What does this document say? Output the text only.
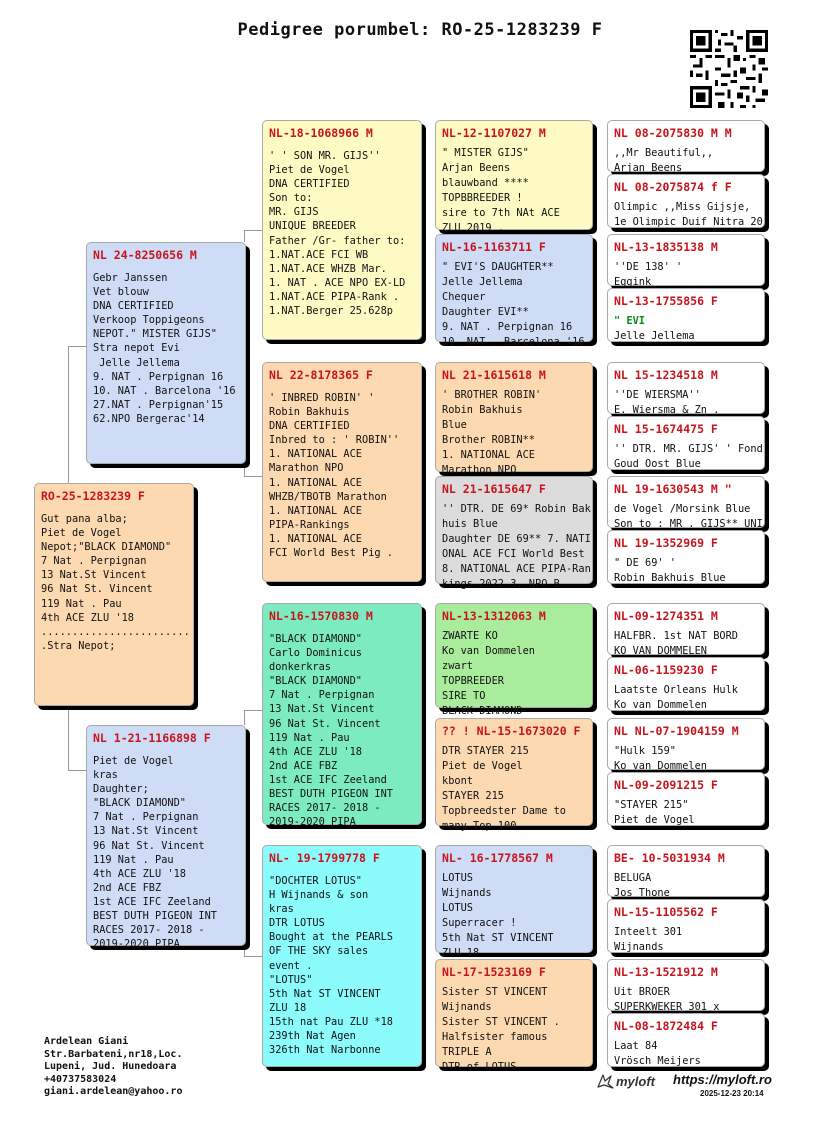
Pedigree porumbel: RO-25-1283239 F
RO-25-1283239 F
Gut pana alba;
Piet de Vogel
Nepot;"BLACK DIAMOND"
7 Nat . Perpignan
13 Nat.St Vincent
96 Nat St. Vincent
119 Nat . Pau
4th ACE ZLU '18
........................
.Stra Nepot;
NL 24-8250656 M
Gebr Janssen
Vet blouw
DNA CERTIFIED
Verkoop Toppigeons
NEPOT." MISTER GIJS"
Stra nepot Evi
Jelle Jellema
9. NAT . Perpignan 16
10. NAT . Barcelona '16
27.NAT . Perpignan'15
62.NPO Bergerac'14
NL 1-21-1166898 F
Piet de Vogel
kras
Daughter;
"BLACK DIAMOND"
7 Nat . Perpignan
13 Nat.St Vincent
96 Nat St. Vincent
119 Nat . Pau
4th ACE ZLU '18
2nd ACE FBZ
1st ACE IFC Zeeland
BEST DUTH PIGEON INT
RACES 2017- 2018 -
2019-2020 PIPA
NL-18-1068966 M
' ' SON MR. GIJS''
Piet de Vogel
DNA CERTIFIED
Son to:
MR. GIJS
UNIQUE BREEDER
Father /Gr- father to:
1.NAT.ACE FCI WB
1.NAT.ACE WHZB Mar.
1. NAT . ACE NPO EX-LD
1.NAT.ACE PIPA-Rank .
1.NAT.Berger 25.628p
NL 22-8178365 F
' INBRED ROBIN' '
Robin Bakhuis
DNA CERTIFIED
Inbred to : ' ROBIN''
1. NATIONAL ACE
Marathon NPO
1. NATIONAL ACE
WHZB/TBOTB Marathon
1. NATIONAL ACE
PIPA-Rankings
1. NATIONAL ACE
FCI World Best Pig .
NL-16-1570830 M
"BLACK DIAMOND"
Carlo Dominicus
donkerkras
"BLACK DIAMOND"
7 Nat . Perpignan
13 Nat.St Vincent
96 Nat St. Vincent
119 Nat . Pau
4th ACE ZLU '18
2nd ACE FBZ
1st ACE IFC Zeeland
BEST DUTH PIGEON INT
RACES 2017- 2018 -
2019-2020 PIPA
NL- 19-1799778 F
"DOCHTER LOTUS"
H Wijnands & son
kras
DTR LOTUS
Bought at the PEARLS
OF THE SKY sales
event .
"LOTUS"
5th Nat ST VINCENT
ZLU 18
15th nat Pau ZLU *18
239th Nat Agen
326th Nat Narbonne
NL-12-1107027 M
" MISTER GIJS"
Arjan Beens
blauwband ****
TOPBBREEDER !
sire to 7th NAt ACE
ZLU 2019 .
NL-16-1163711 F
" EVI'S DAUGHTER**
Jelle Jellema
Chequer
Daughter EVI**
9. NAT . Perpignan 16
10. NAT . Barcelona '16
NL 21-1615618 M
' BROTHER ROBIN'
Robin Bakhuis
Blue
Brother ROBIN**
1. NATIONAL ACE
Marathon NPO
NL 21-1615647 F
'' DTR. DE 69* Robin Bak
huis Blue
Daughter DE 69** 7. NATI
ONAL ACE FCI World Best
8. NATIONAL ACE PIPA-Ran
kings 2022 3. NPO B
NL-13-1312063 M
ZWARTE KO
Ko van Dommelen
zwart
TOPBREEDER
SIRE TO
BLACK DIAMOND
?? ! NL-15-1673020 F
DTR STAYER 215
Piet de Vogel
kbont
STAYER 215
Topbreedster Dame to
many Top 100
NL- 16-1778567 M
LOTUS
Wijnands
LOTUS
Superracer !
5th Nat ST VINCENT
ZLU 18
NL-17-1523169 F
Sister ST VINCENT
Wijnands
Sister ST VINCENT .
Halfsister famous
TRIPLE A
DTR of LOTUS
NL 08-2075830 M M
,,Mr Beautiful,,
Arjan Beens
NL 08-2075874 f F
Olimpic ,,Miss Gijsje,
1e Olimpic Duif Nitra 20
NL-13-1835138 M
''DE 138' '
Eggink
NL-13-1755856 F
" EVI
Jelle Jellema
NL 15-1234518 M
''DE WIERSMA''
E. Wiersma & Zn .
NL 15-1674475 F
'' DTR. MR. GIJS' ' Fond
Goud Oost Blue
NL 19-1630543 M "
de Vogel /Morsink Blue
Son to : MR . GIJS** UNI
NL 19-1352969 F
" DE 69' '
Robin Bakhuis Blue
NL-09-1274351 M
HALFBR. 1st NAT BORD
KO VAN DOMMELEN
NL-06-1159230 F
Laatste Orleans Hulk
Ko van Dommelen
NL NL-07-1904159 M
"Hulk 159"
Ko van Dommelen
NL-09-2091215 F
"STAYER 215"
Piet de Vogel
BE- 10-5031934 M
BELUGA
Jos Thone
NL-15-1105562 F
Inteelt 301
Wijnands
NL-13-1521912 M
Uit BROER
SUPERKWEKER 301 x
NL-08-1872484 F
Laat 84
Vrösch Meijers
Ardelean Giani
Str.Barbateni,nr18,Loc.
Lupeni, Jud. Hunedoara
+40737583024
giani.ardelean@yahoo.ro
myloft https://myloft.ro
2025-12-23 20:14
